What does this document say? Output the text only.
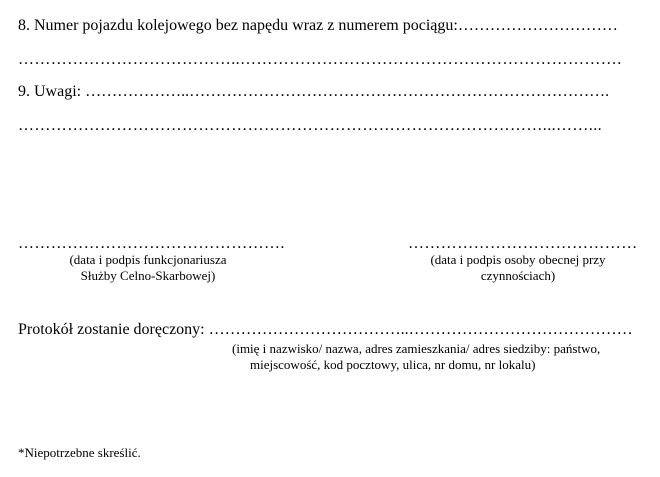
8. Numer pojazdu kolejowego bez napędu wraz z numerem pociągu:…………………………
…………………………………..…………………………………………………………….
9. Uwagi: ………………..…………………………………………………………………….
……………………………………………………………………………………...……...
………………………………………….
(data i podpis funkcjonariusza
Służby Celno-Skarbowej)
……………………………………
(data i podpis osoby obecnej przy
czynnościach)
Protokół zostanie doręczony: ………………………………..……………………………………
(imię i nazwisko/ nazwa, adres zamieszkania/ adres siedziby: państwo,
miejscowość, kod pocztowy, ulica, nr domu, nr lokalu)
*Niepotrzebne skreślić.
